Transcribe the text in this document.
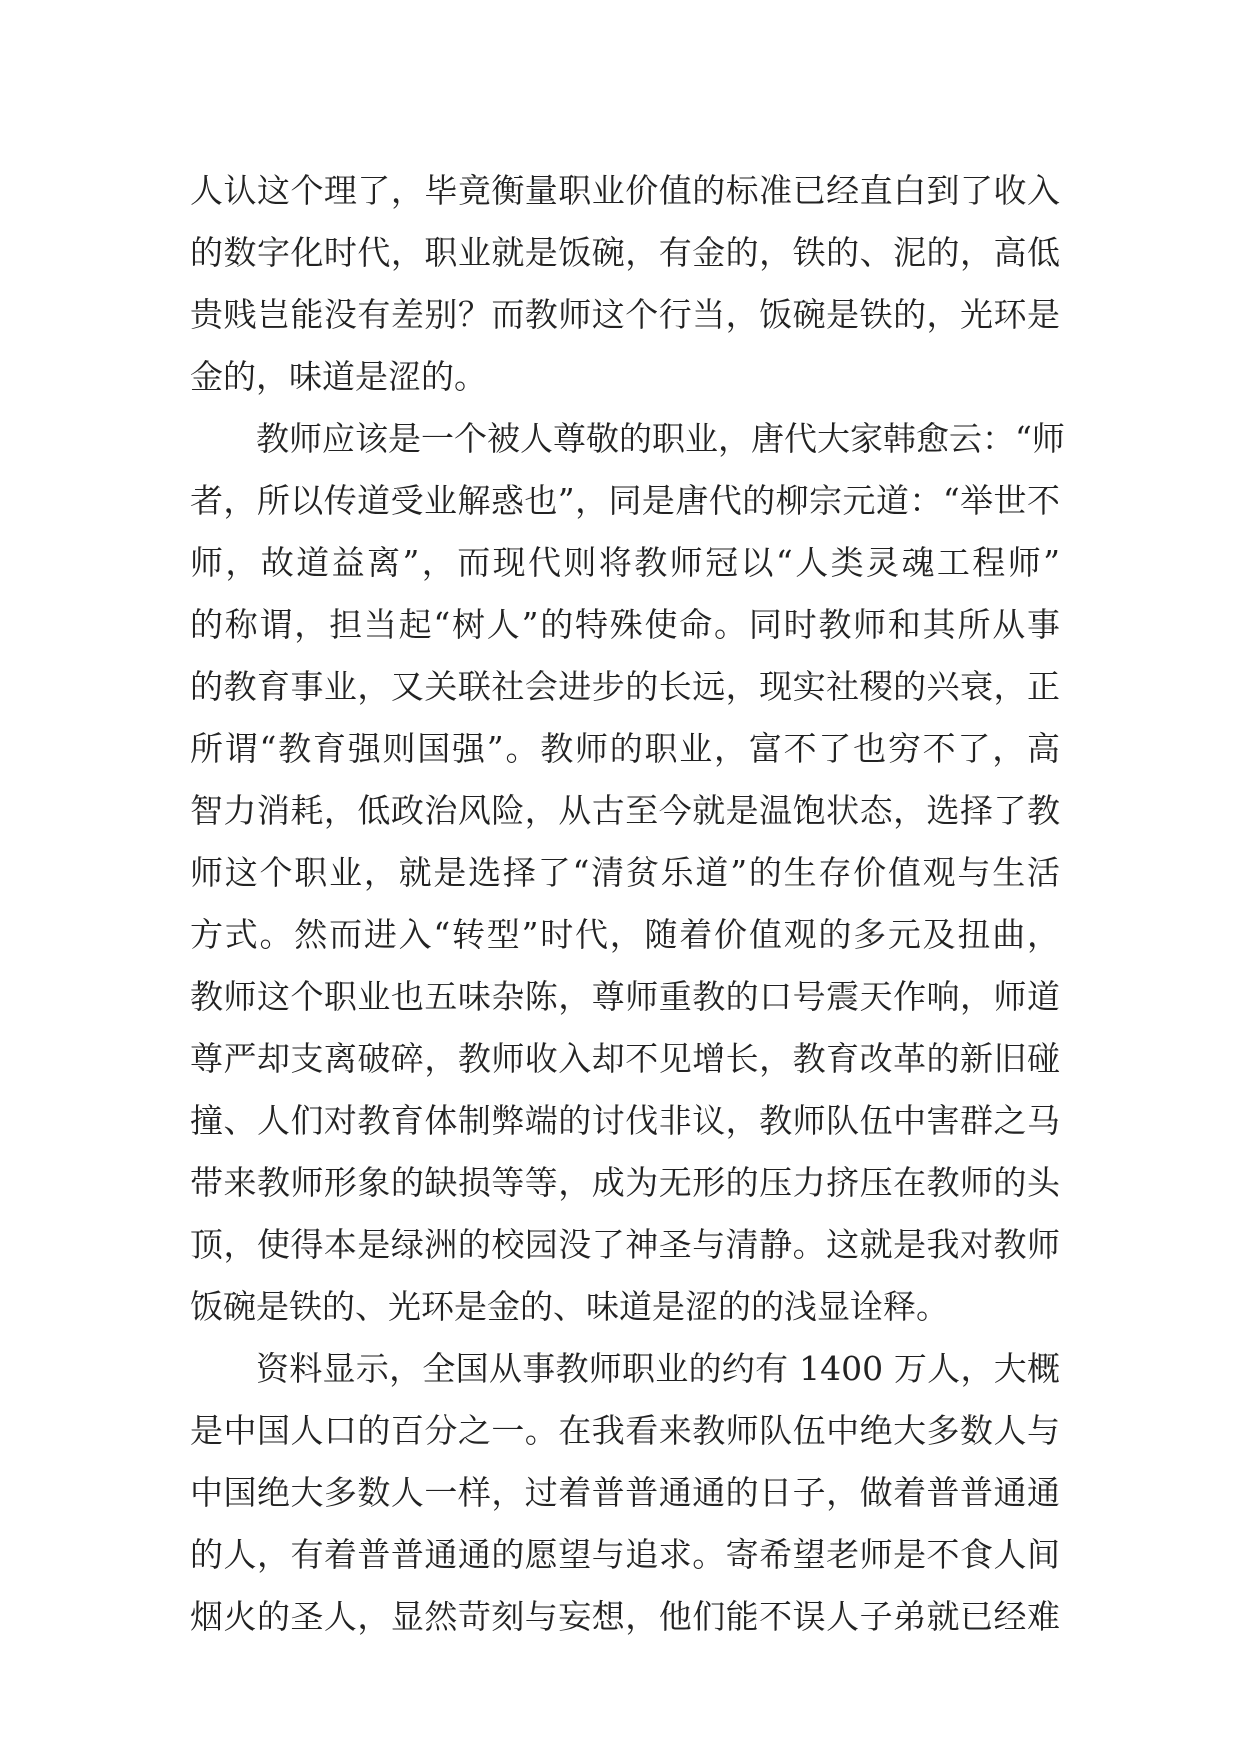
人认这个理了，毕竟衡量职业价值的标准已经直白到了收入
的数字化时代，职业就是饭碗，有金的，铁的、泥的，高低
贵贱岂能没有差别？而教师这个行当，饭碗是铁的，光环是
金的，味道是涩的。
教师应该是一个被人尊敬的职业，唐代大家韩愈云：“师
者，所以传道受业解惑也”，同是唐代的柳宗元道：“举世不
师，故道益离”，而现代则将教师冠以“人类灵魂工程师”
的称谓，担当起“树人”的特殊使命。同时教师和其所从事
的教育事业，又关联社会进步的长远，现实社稷的兴衰，正
所谓“教育强则国强”。教师的职业，富不了也穷不了，高
智力消耗，低政治风险，从古至今就是温饱状态，选择了教
师这个职业，就是选择了“清贫乐道”的生存价值观与生活
方式。然而进入“转型”时代，随着价值观的多元及扭曲，
教师这个职业也五味杂陈，尊师重教的口号震天作响，师道
尊严却支离破碎，教师收入却不见增长，教育改革的新旧碰
撞、人们对教育体制弊端的讨伐非议，教师队伍中害群之马
带来教师形象的缺损等等，成为无形的压力挤压在教师的头
顶，使得本是绿洲的校园没了神圣与清静。这就是我对教师
饭碗是铁的、光环是金的、味道是涩的的浅显诠释。
资料显示，全国从事教师职业的约有 1400 万人，大概
是中国人口的百分之一。在我看来教师队伍中绝大多数人与
中国绝大多数人一样，过着普普通通的日子，做着普普通通
的人，有着普普通通的愿望与追求。寄希望老师是不食人间
烟火的圣人，显然苛刻与妄想，他们能不误人子弟就已经难
